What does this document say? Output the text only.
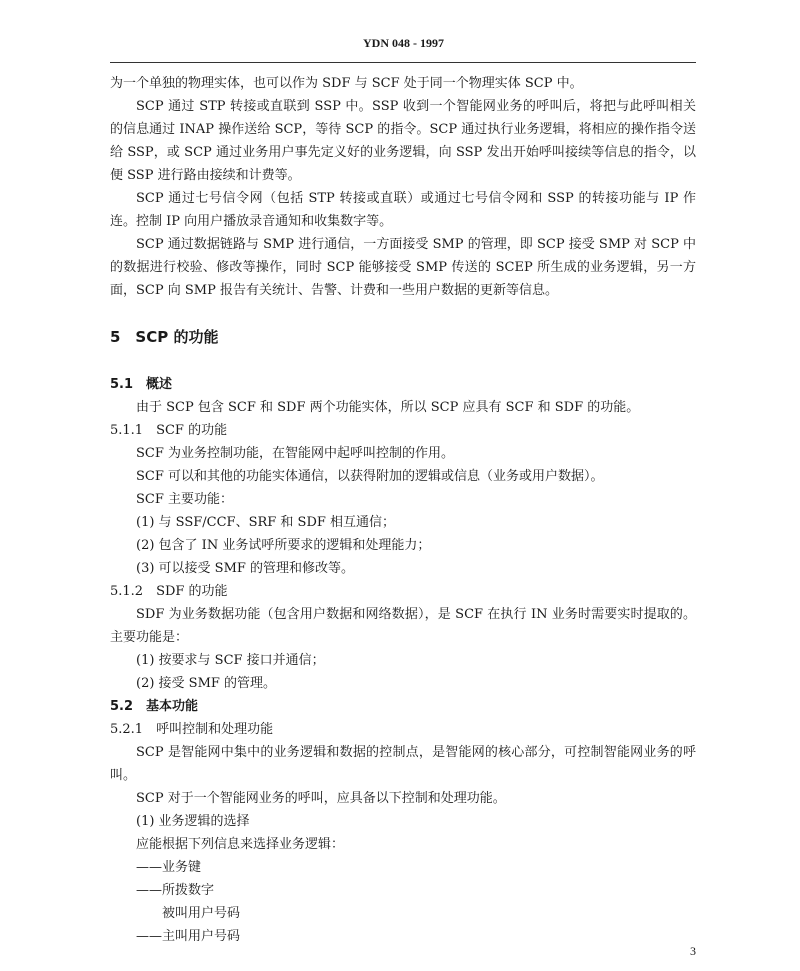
YDN 048 - 1997

为一个单独的物理实体，也可以作为 SDF 与 SCF 处于同一个物理实体 SCP 中。

SCP 通过 STP 转接或直联到 SSP 中。SSP 收到一个智能网业务的呼叫后，将把与此呼叫相关的信息通过 INAP 操作送给 SCP，等待 SCP 的指令。SCP 通过执行业务逻辑，将相应的操作指令送给 SSP，或 SCP 通过业务用户事先定义好的业务逻辑，向 SSP 发出开始呼叫接续等信息的指令，以便 SSP 进行路由接续和计费等。

SCP 通过七号信令网（包括 STP 转接或直联）或通过七号信令网和 SSP 的转接功能与 IP 作连。控制 IP 向用户播放录音通知和收集数字等。

SCP 通过数据链路与 SMP 进行通信，一方面接受 SMP 的管理，即 SCP 接受 SMP 对 SCP 中的数据进行校验、修改等操作，同时 SCP 能够接受 SMP 传送的 SCEP 所生成的业务逻辑，另一方面，SCP 向 SMP 报告有关统计、告警、计费和一些用户数据的更新等信息。

5　SCP 的功能

5.1　概述

由于 SCP 包含 SCF 和 SDF 两个功能实体，所以 SCP 应具有 SCF 和 SDF 的功能。

5.1.1　SCF 的功能

SCF 为业务控制功能，在智能网中起呼叫控制的作用。

SCF 可以和其他的功能实体通信，以获得附加的逻辑或信息（业务或用户数据）。

SCF 主要功能：

(1) 与 SSF/CCF、SRF 和 SDF 相互通信；

(2) 包含了 IN 业务试呼所要求的逻辑和处理能力；

(3) 可以接受 SMF 的管理和修改等。

5.1.2　SDF 的功能

SDF 为业务数据功能（包含用户数据和网络数据），是 SCF 在执行 IN 业务时需要实时提取的。主要功能是：

(1) 按要求与 SCF 接口并通信；

(2) 接受 SMF 的管理。

5.2　基本功能

5.2.1　呼叫控制和处理功能

SCP 是智能网中集中的业务逻辑和数据的控制点，是智能网的核心部分，可控制智能网业务的呼叫。

SCP 对于一个智能网业务的呼叫，应具备以下控制和处理功能。

(1) 业务逻辑的选择

应能根据下列信息来选择业务逻辑：

——业务键

——所拨数字

被叫用户号码

——主叫用户号码

3
